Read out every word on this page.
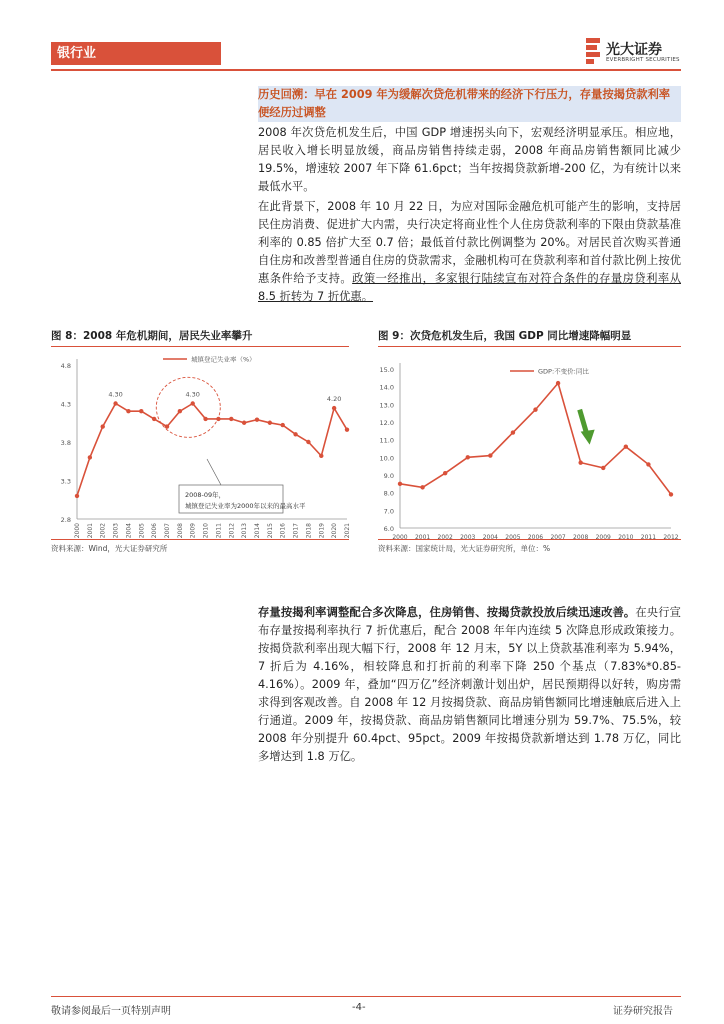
银行业	光大证券
EVERBRIGHT SECURITIES
历史回溯：早在 2009 年为缓解次贷危机带来的经济下行压力，存量按揭贷款利率便经历过调整
2008 年次贷危机发生后，中国 GDP 增速拐头向下，宏观经济明显承压。相应地，居民收入增长明显放缓，商品房销售持续走弱，2008 年商品房销售额同比减少 19.5%，增速较 2007 年下降 61.6pct；当年按揭贷款新增-200 亿，为有统计以来最低水平。
在此背景下，2008 年 10 月 22 日，为应对国际金融危机可能产生的影响，支持居民住房消费、促进扩大内需，央行决定将商业性个人住房贷款利率的下限由贷款基准利率的 0.85 倍扩大至 0.7 倍；最低首付款比例调整为 20%。对居民首次购买普通自住房和改善型普通自住房的贷款需求，金融机构可在贷款利率和首付款比例上按优惠条件给予支持。政策一经推出，多家银行陆续宣布对符合条件的存量房贷利率从 8.5 折转为 7 折优惠。
图 8：2008 年危机期间，居民失业率攀升
2.8
3.3
3.8
4.3
4.8
2000 2001 2002 2003 2004 2005 2006 2007 2008 2009 2010 2011 2012 2013 2014 2015 2016 2017 2018 2019 2020 2021
城镇登记失业率（%）
4.30	4.30
4.20
2008-09年，
城镇登记失业率为2000年以来的最高水平
资料来源：Wind，光大证券研究所
图 9：次贷危机发生后，我国 GDP 同比增速降幅明显
6.0
7.0
8.0
9.0
10.0
11.0
12.0
13.0
14.0
15.0
2000 2001 2002 2003 2004 2005 2006 2007 2008 2009 2010 2011 2012
GDP:不变价:同比
资料来源：国家统计局，光大证券研究所，单位：%
存量按揭利率调整配合多次降息，住房销售、按揭贷款投放后续迅速改善。在央行宣布存量按揭利率执行 7 折优惠后，配合 2008 年年内连续 5 次降息形成政策接力。按揭贷款利率出现大幅下行，2008 年 12 月末，5Y 以上贷款基准利率为 5.94%，7 折后为 4.16%，相较降息和打折前的利率下降 250 个基点（7.83%*0.85-4.16%）。2009 年，叠加“四万亿”经济刺激计划出炉，居民预期得以好转，购房需求得到客观改善。自 2008 年 12 月按揭贷款、商品房销售额同比增速触底后进入上行通道。2009 年，按揭贷款、商品房销售额同比增速分别为 59.7%、75.5%，较 2008 年分别提升 60.4pct、95pct。2009 年按揭贷款新增达到 1.78 万亿，同比多增达到 1.8 万亿。
敬请参阅最后一页特别声明	-4-	证券研究报告
